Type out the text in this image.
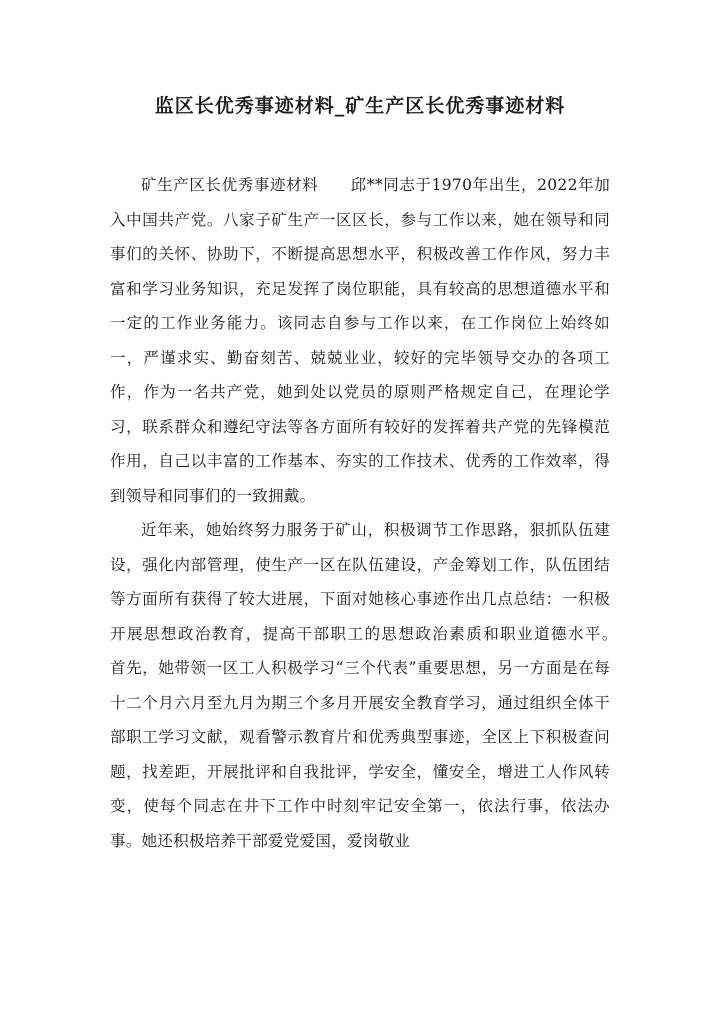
监区长优秀事迹材料_矿生产区长优秀事迹材料

矿生产区长优秀事迹材料　　邱**同志于1970年出生，2022年加入中国共产党。八家子矿生产一区区长，参与工作以来，她在领导和同事们的关怀、协助下，不断提高思想水平，积极改善工作作风，努力丰富和学习业务知识，充足发挥了岗位职能，具有较高的思想道德水平和一定的工作业务能力。该同志自参与工作以来，在工作岗位上始终如一，严谨求实、勤奋刻苦、兢兢业业，较好的完毕领导交办的各项工作，作为一名共产党，她到处以党员的原则严格规定自己，在理论学习，联系群众和遵纪守法等各方面所有较好的发挥着共产党的先锋模范作用，自己以丰富的工作基本、夯实的工作技术、优秀的工作效率，得到领导和同事们的一致拥戴。

近年来，她始终努力服务于矿山，积极调节工作思路，狠抓队伍建设，强化内部管理，使生产一区在队伍建设，产金筹划工作，队伍团结等方面所有获得了较大进展，下面对她核心事迹作出几点总结：一积极开展思想政治教育，提高干部职工的思想政治素质和职业道德水平。　　首先，她带领一区工人积极学习“三个代表”重要思想，另一方面是在每十二个月六月至九月为期三个多月开展安全教育学习，通过组织全体干部职工学习文献，观看警示教育片和优秀典型事迹，全区上下积极查问题，找差距，开展批评和自我批评，学安全，懂安全，增进工人作风转变，使每个同志在井下工作中时刻牢记安全第一，依法行事，依法办事。她还积极培养干部爱党爱国，爱岗敬业
